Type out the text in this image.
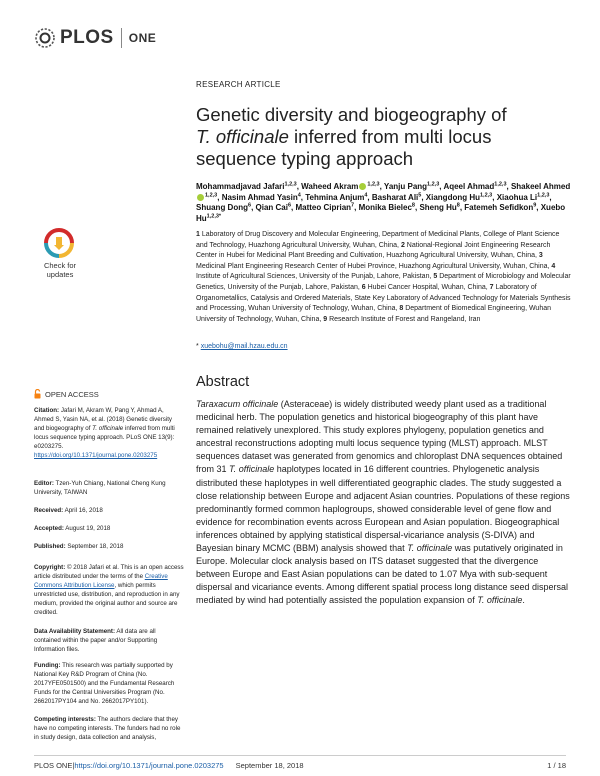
PLOS ONE
RESEARCH ARTICLE
Genetic diversity and biogeography of
T. officinale inferred from multi locus
sequence typing approach
Mohammadjavad Jafari$^{1,2,3}$, Waheed Akram $^{1,2,3}$, Yanju Pang$^{1,2,3}$, Aqeel Ahmad$^{1,2,3}$, Shakeel Ahmed$^{1,2,3}$, Nasim Ahmad Yasin$^4$, Tehmina Anjum$^4$, Basharat Ali$^5$, Xiangdong Hu$^{1,2,3}$, Xiaohua Li$^{1,2,3}$, Shuang Dong$^6$, Qian Cai$^6$, Matteo Ciprian$^7$, Monika Bielec$^8$, Sheng Hu$^8$, Fatemeh Sefidkon$^9$, Xuebo $Hu^{1,2,3*}$
1 Laboratory of Drug Discovery and Molecular Engineering, Department of Medicinal Plants, College of Plant Science and Technology, Huazhong Agricultural University, Wuhan, China, 2 National-Regional Joint Engineering Research Center in Hubei for Medicinal Plant Breeding and Cultivation, Huazhong Agricultural University, Wuhan, China, 3 Medicinal Plant Engineering Research Center of Hubei Province, Huazhong Agricultural University, Wuhan, China, 4 Institute of Agricultural Sciences, University of the Punjab, Lahore, Pakistan, 5 Department of Microbiology and Molecular Genetics, University of the Punjab, Lahore, Pakistan, 6 Hubei Cancer Hospital, Wuhan, China, 7 Laboratory of Organometallics, Catalysis and Ordered Materials, State Key Laboratory of Advanced Technology for Materials Synthesis and Processing, Wuhan University of Technology, Wuhan, China, 8 Department of Biomedical Engineering, Wuhan University of Technology, Wuhan, China, 9 Research Institute of Forest and Rangeland, Iran
* xuebohu@mail.hzau.edu.cn
Abstract
Taraxacum officinale (Asteraceae) is widely distributed weedy plant used as a traditional medicinal herb. The population genetics and historical biogeography of this plant have remained relatively unexplored. This study explores phylogeny, population genetics and ancestral reconstructions adopting multi locus sequence typing (MLST) approach. MLST sequences dataset was generated from genomics and chloroplast DNA sequences obtained from 31 T. officinale haplotypes located in 16 different countries. Phylogenetic analysis distributed these haplotypes in well differentiated geographic clades. The study suggested a close relationship between Europe and adjacent Asian countries. Populations of these regions predominantly formed common haplogroups, showed considerable level of gene flow and evidence for recombination events across European and Asian population. Biogeographical inferences obtained by applying statistical dispersal-vicariance analysis (S-DIVA) and Bayesian binary MCMC (BBM) analysis showed that T. officinale was putatively originated in Europe. Molecular clock analysis based on ITS dataset suggested that the divergence between Europe and East Asian populations can be dated to 1.07 Mya with sub-sequent dispersal and vicariance events. Among different spatial process long distance seed dispersal mediated by wind had potentially assisted the population expansion of T. officinale.
Check for
updates
OPEN ACCESS
Citation: Jafari M, Akram W, Pang Y, Ahmad A, Ahmed S, Yasin NA, et al. (2018) Genetic diversity and biogeography of T. officinale inferred from multi locus sequence typing approach. PLoS ONE 13(9): e0203275. https://doi.org/10.1371/journal.pone.0203275
Editor: Tzen-Yuh Chiang, National Cheng Kung University, TAIWAN
Received: April 16, 2018
Accepted: August 19, 2018
Published: September 18, 2018
Copyright: © 2018 Jafari et al. This is an open access article distributed under the terms of the Creative Commons Attribution License, which permits unrestricted use, distribution, and reproduction in any medium, provided the original author and source are credited.
Data Availability Statement: All data are all contained within the paper and/or Supporting Information files.
Funding: This research was partially supported by National Key R&D Program of China (No. 2017YFE0501500) and the Fundamental Research Funds for the Central Universities Program (No. 2662017PY104 and No. 2662017PY101).
Competing interests: The authors declare that they have no competing interests. The funders had no role in study design, data collection and analysis,
PLOS ONE | https://doi.org/10.1371/journal.pone.0203275 September 18, 2018	1 / 18
